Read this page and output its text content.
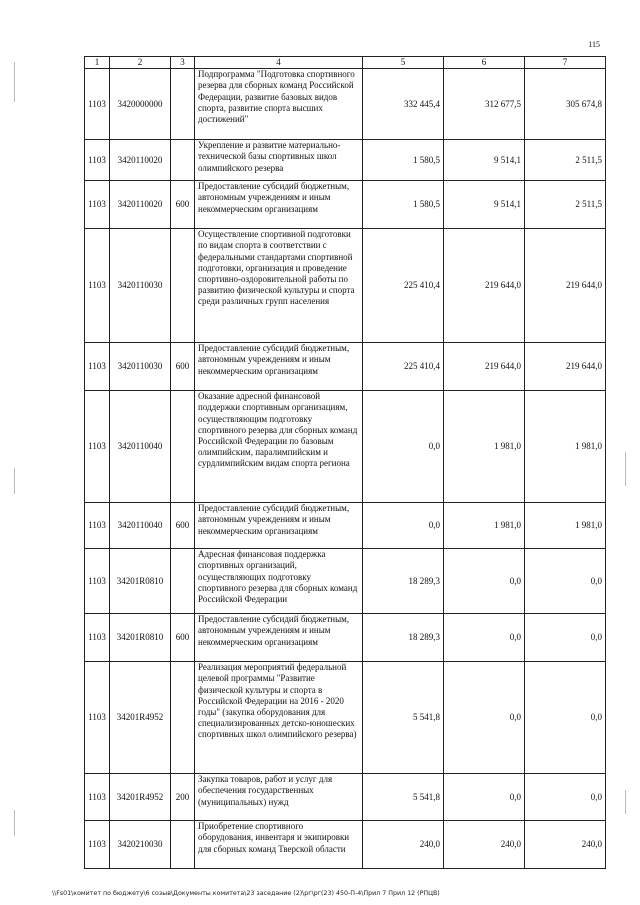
115
1	2	3	4	5	6	7
1103	3420000000		Подпрограмма "Подготовка спортивного резерва для сборных команд Российской Федерации, развитие базовых видов спорта, развитие спорта высших достижений"	332 445,4	312 677,5	305 674,8
1103	3420110020		Укрепление и развитие материально-технической базы спортивных школ олимпийского резерва	1 580,5	9 514,1	2 511,5
1103	3420110020	600	Предоставление субсидий бюджетным, автономным учреждениям и иным некоммерческим организациям	1 580,5	9 514,1	2 511,5
1103	3420110030		Осуществление спортивной подготовки по видам спорта в соответствии с федеральными стандартами спортивной подготовки, организация и проведение спортивно-оздоровительной работы по развитию физической культуры и спорта среди различных групп населения	225 410,4	219 644,0	219 644,0
1103	3420110030	600	Предоставление субсидий бюджетным, автономным учреждениям и иным некоммерческим организациям	225 410,4	219 644,0	219 644,0
1103	3420110040		Оказание адресной финансовой поддержки спортивным организациям, осуществляющим подготовку спортивного резерва для сборных команд Российской Федерации по базовым олимпийским, паралимпийским и сурдлимпийским видам спорта региона	0,0	1 981,0	1 981,0
1103	3420110040	600	Предоставление субсидий бюджетным, автономным учреждениям и иным некоммерческим организациям	0,0	1 981,0	1 981,0
1103	34201R0810		Адресная финансовая поддержка спортивных организаций, осуществляющих подготовку спортивного резерва для сборных команд Российской Федерации	18 289,3	0,0	0,0
1103	34201R0810	600	Предоставление субсидий бюджетным, автономным учреждениям и иным некоммерческим организациям	18 289,3	0,0	0,0
1103	34201R4952		Реализация мероприятий федеральной целевой программы "Развитие физической культуры и спорта в Российской Федерации на 2016 - 2020 годы" (закупка оборудования для специализированных детско-юношеских спортивных школ олимпийского резерва)	5 541,8	0,0	0,0
1103	34201R4952	200	Закупка товаров, работ и услуг для обеспечения государственных (муниципальных) нужд	5 541,8	0,0	0,0
1103	3420210030		Приобретение спортивного оборудования, инвентаря и экипировки для сборных команд Тверской области	240,0	240,0	240,0
\\Fs01\комитет по бюджету\6 созыв\Документы комитета\23 заседание (2)\рг\рг(23) 450-П-4\Прил 7 Прил 12 (РПЦВ)
